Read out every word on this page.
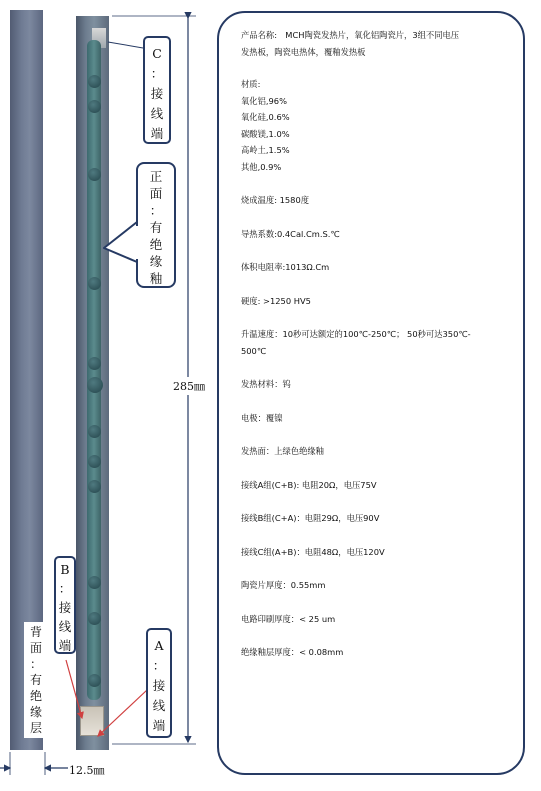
C
：
接
线
端
正
面
：
有
绝
缘
釉
B
：
接
线
端	A
：
接
线
端
背
面
：
有
绝
缘
层
285㎜
12.5㎜
产品名称:　MCH陶瓷发热片，氧化铝陶瓷片，3组不同电压
发热板，陶瓷电热体，覆釉发热板
材质:
氧化铝,96%
氧化硅,0.6%
碳酸镁,1.0%
高岭土,1.5%
其他,0.9%
烧成温度: 1580度
导热系数:0.4Cal.Cm.S.℃
体积电阻率:1013Ω.Cm
硬度: >1250 HV5
升温速度：10秒可达额定的100℃-250℃； 50秒可达350℃-
500℃
发热材料：钨
电极：覆镍
发热面：上绿色绝缘釉
接线A组(C+B): 电阻20Ω，电压75V
接线B组(C+A)：电阻29Ω，电压90V
接线C组(A+B)：电阻48Ω，电压120V
陶瓷片厚度：0.55mm
电路印刷厚度：< 25 um
绝缘釉层厚度：< 0.08mm
